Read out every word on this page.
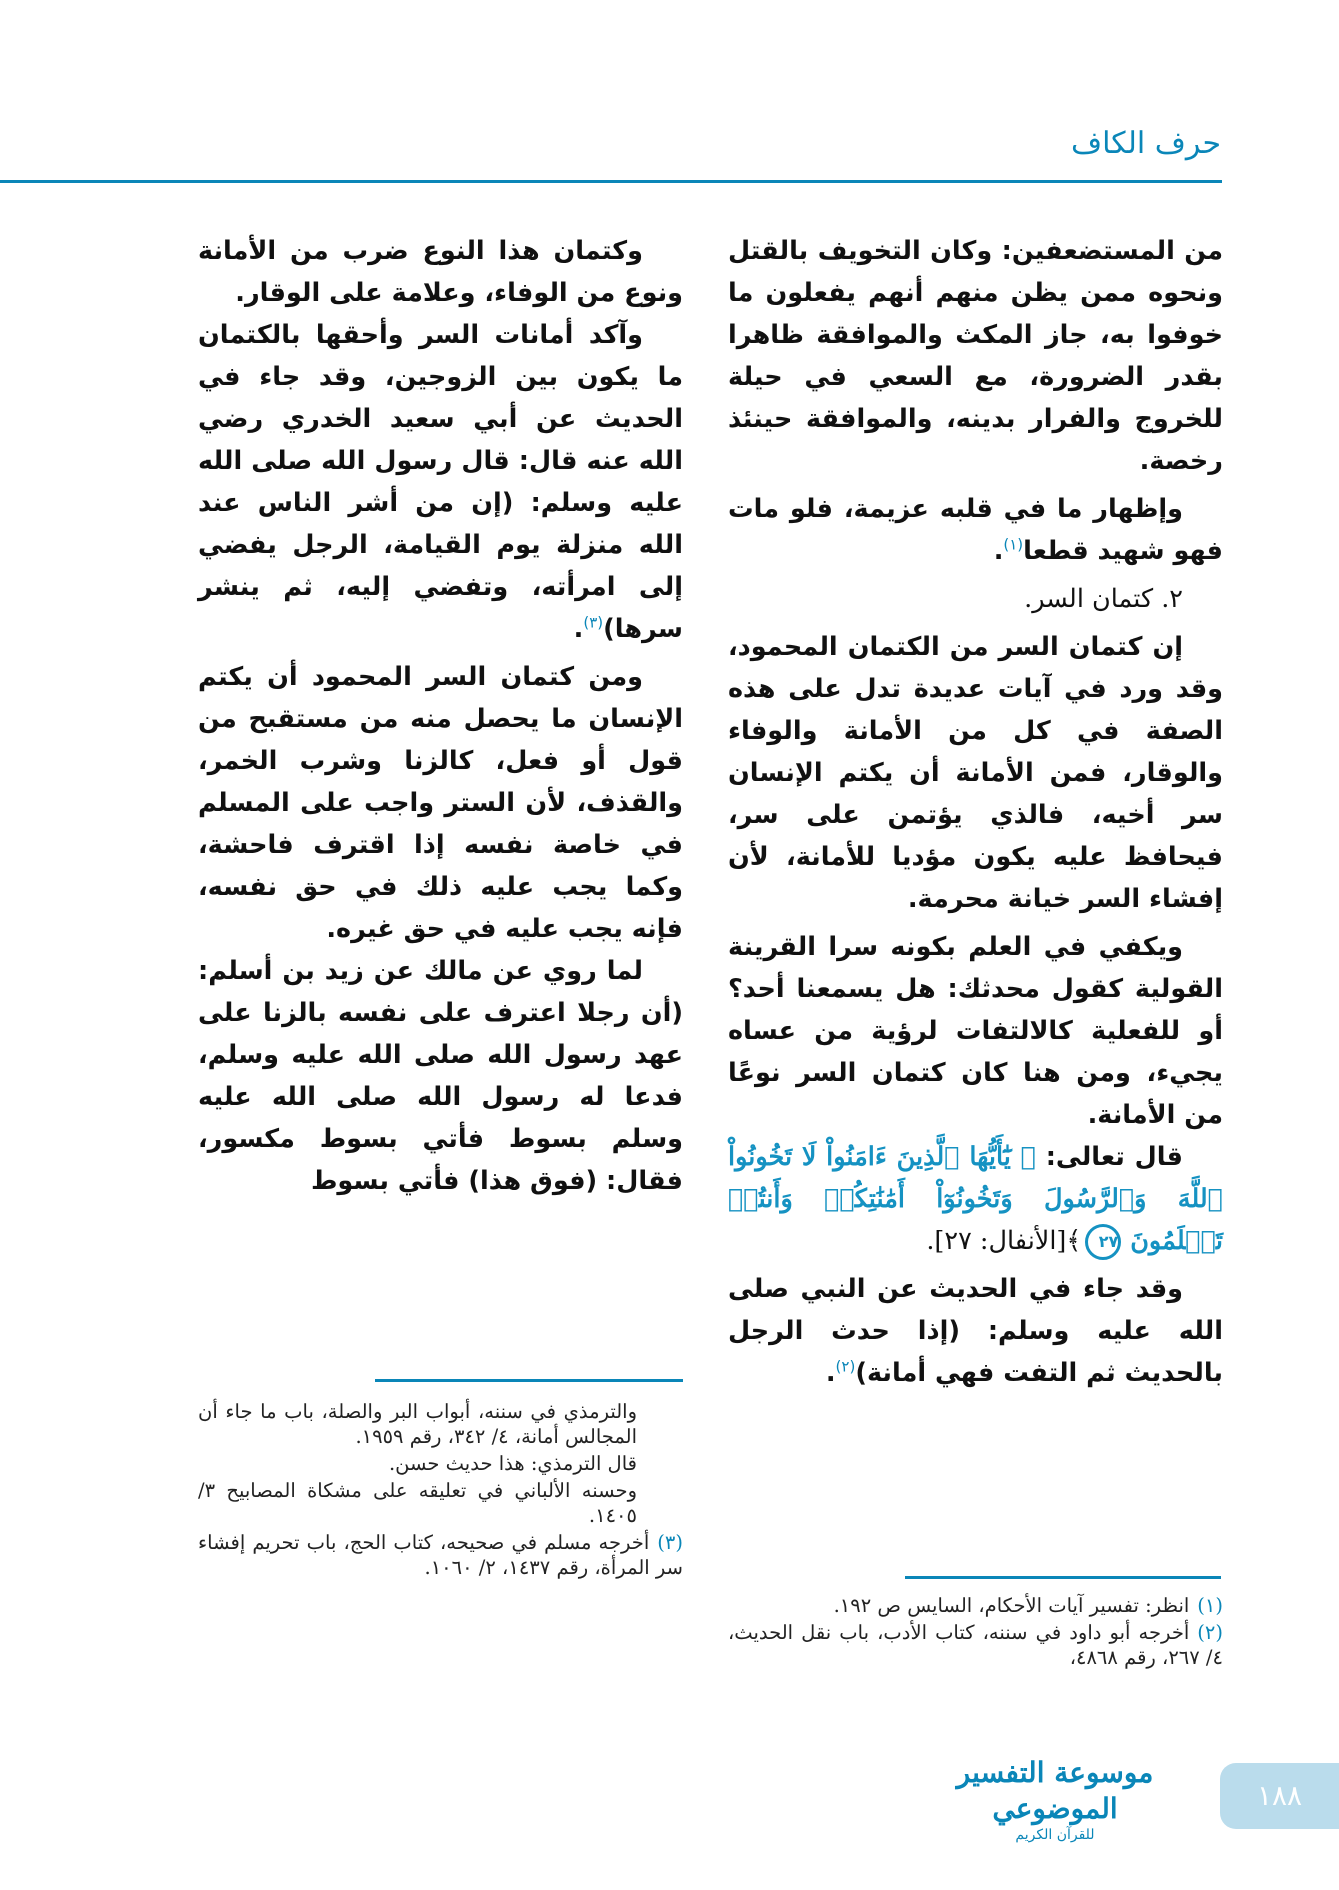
حرف الكاف

من المستضعفين: وكان التخويف بالقتل ونحوه ممن يظن منهم أنهم يفعلون ما خوفوا به، جاز المكث والموافقة ظاهرا بقدر الضرورة، مع السعي في حيلة للخروج والفرار بدينه، والموافقة حينئذ رخصة.

وإظهار ما في قلبه عزيمة، فلو مات فهو شهيد قطعا$^{(١)}$.

٢. كتمان السر.

إن كتمان السر من الكتمان المحمود، وقد ورد في آيات عديدة تدل على هذه الصفة في كل من الأمانة والوفاء والوقار، فمن الأمانة أن يكتم الإنسان سر أخيه، فالذي يؤتمن على سر، فيحافظ عليه يكون مؤديا للأمانة، لأن إفشاء السر خيانة محرمة.

ويكفي في العلم بكونه سرا القرينة القولية كقول محدثك: هل يسمعنا أحد؟ أو للفعلية كالالتفات لرؤية من عساه يجيء، ومن هنا كان كتمان السر نوعًا من الأمانة.

قال تعالى: ﴿ يَٰٓأَيُّهَا ٱلَّذِينَ ءَامَنُواْ لَا تَخُونُواْ ٱللَّهَ وَٱلرَّسُولَ وَتَخُونُوٓاْ أَمَٰنَٰتِكُمۡ وَأَنتُمۡ تَعۡلَمُونَ ٢٧﴾[الأنفال: ٢٧].

وقد جاء في الحديث عن النبي صلى الله عليه وسلم: (إذا حدث الرجل بالحديث ثم التفت فهي أمانة)$^{(٢)}$.

وكتمان هذا النوع ضرب من الأمانة ونوع من الوفاء، وعلامة على الوقار.

وآكد أمانات السر وأحقها بالكتمان ما يكون بين الزوجين، وقد جاء في الحديث عن أبي سعيد الخدري رضي الله عنه قال: قال رسول الله صلى الله عليه وسلم: (إن من أشر الناس عند الله منزلة يوم القيامة، الرجل يفضي إلى امرأته، وتفضي إليه، ثم ينشر سرها)$^{(٣)}$.

ومن كتمان السر المحمود أن يكتم الإنسان ما يحصل منه من مستقبح من قول أو فعل، كالزنا وشرب الخمر، والقذف، لأن الستر واجب على المسلم في خاصة نفسه إذا اقترف فاحشة، وكما يجب عليه ذلك في حق نفسه، فإنه يجب عليه في حق غيره.

لما روي عن مالك عن زيد بن أسلم: (أن رجلا اعترف على نفسه بالزنا على عهد رسول الله صلى الله عليه وسلم، فدعا له رسول الله صلى الله عليه وسلم بسوط فأتي بسوط مكسور، فقال: (فوق هذا) فأتي بسوط

(١)انظر: تفسير آيات الأحكام، السايس ص ١٩٢.

(٢)أخرجه أبو داود في سننه، كتاب الأدب، باب نقل الحديث، ٤/ ٢٦٧، رقم ٤٨٦٨،

والترمذي في سننه، أبواب البر والصلة، باب ما جاء أن المجالس أمانة، ٤/ ٣٤٢، رقم ١٩٥٩.

قال الترمذي: هذا حديث حسن.

وحسنه الألباني في تعليقه على مشكاة المصابيح ٣/ ١٤٠٥.

(٣)أخرجه مسلم في صحيحه، كتاب الحج، باب تحريم إفشاء سر المرأة، رقم ١٤٣٧، ٢/ ١٠٦٠.

موسوعة التفسير الموضوعي
للقرآن الكريم
١٨٨
